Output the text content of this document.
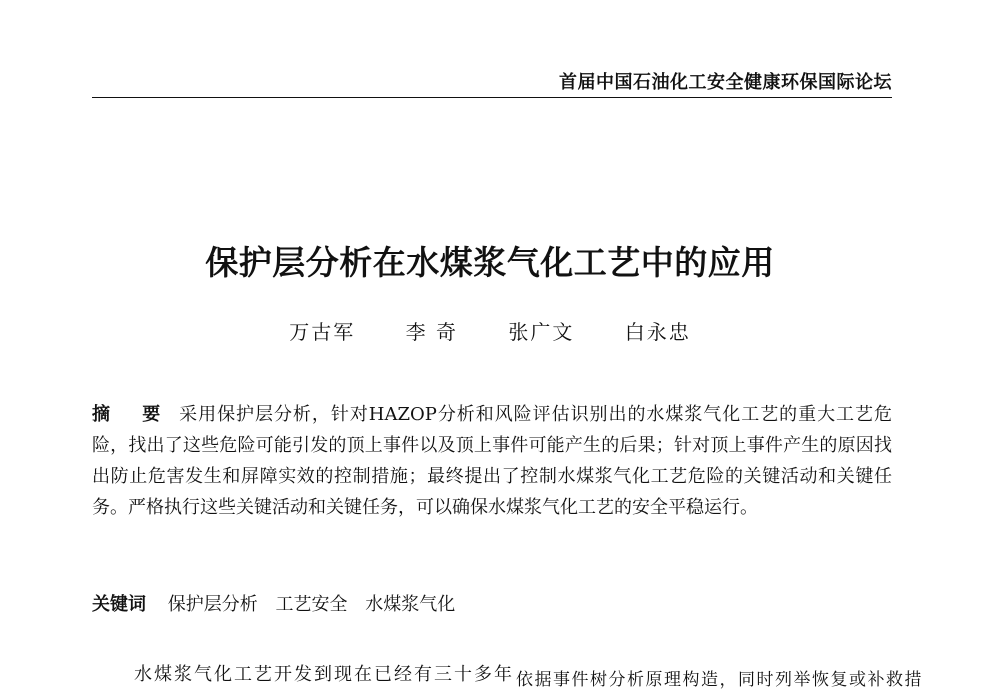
首届中国石油化工安全健康环保国际论坛
保护层分析在水煤浆气化工艺中的应用
万古军	李 奇	张广文	白永忠
摘 要 采用保护层分析，针对HAZOP分析和风险评估识别出的水煤浆气化工艺的重大工艺危险，找出了这些危险可能引发的顶上事件以及顶上事件可能产生的后果；针对顶上事件产生的原因找出防止危害发生和屏障实效的控制措施；最终提出了控制水煤浆气化工艺危险的关键活动和关键任务。严格执行这些关键活动和关键任务，可以确保水煤浆气化工艺的安全平稳运行。
关键词 保护层分析 工艺安全 水煤浆气化
水煤浆气化工艺开发到现在已经有三十多年 依据事件树分析原理构造，同时列举恢复或补救措
